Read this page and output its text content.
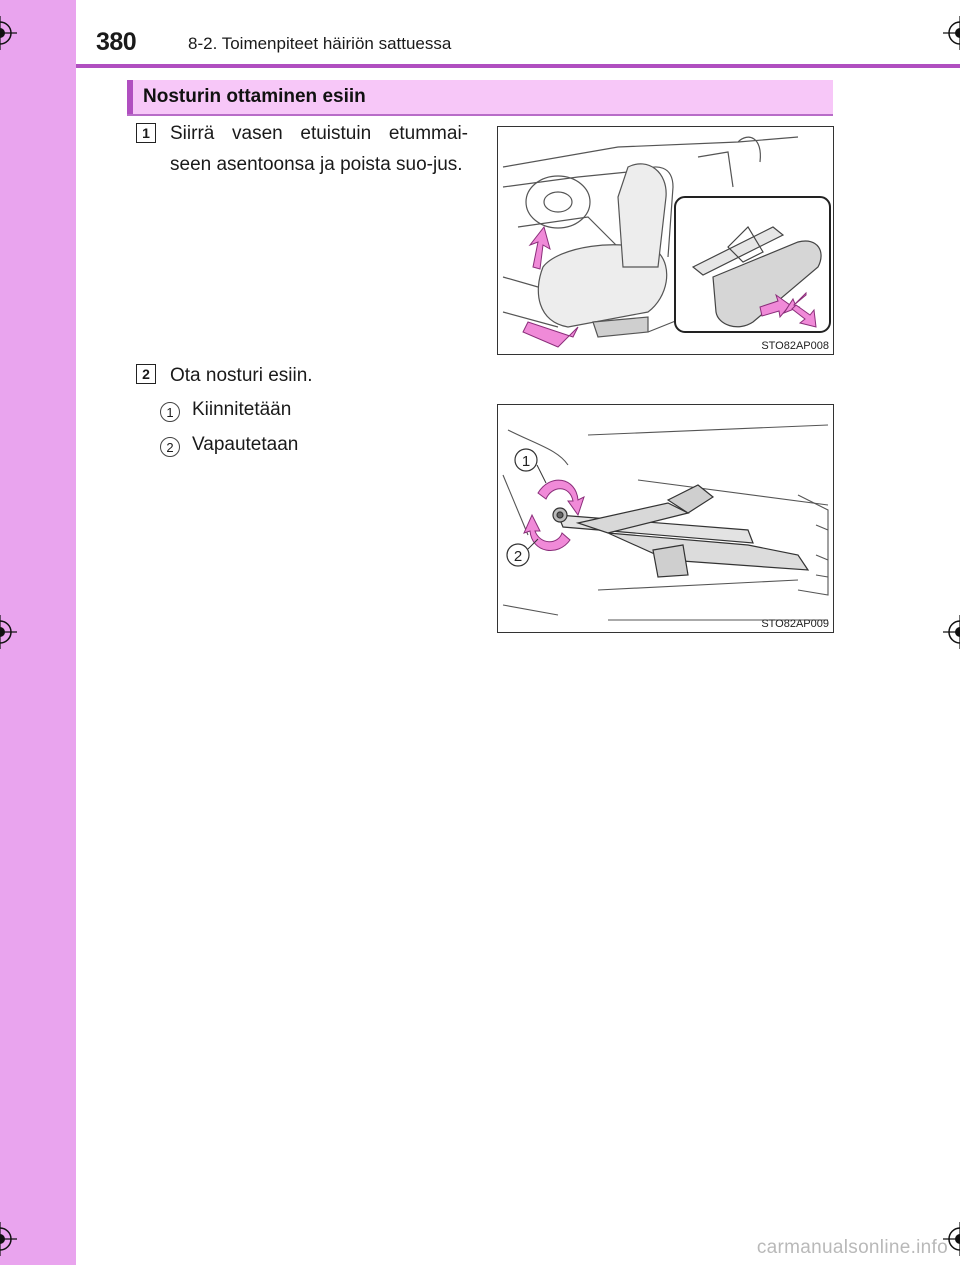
380	8-2. Toimenpiteet häiriön sattuessa
Nosturin ottaminen esiin
1	Siirrä vasen etuistuin etummai-seen asentoonsa ja poista suo-jus.
STO82AP008
2	Ota nosturi esiin.
1 Kiinnitetään
2 Vapautetaan
1
2
STO82AP009
carmanualsonline.info
